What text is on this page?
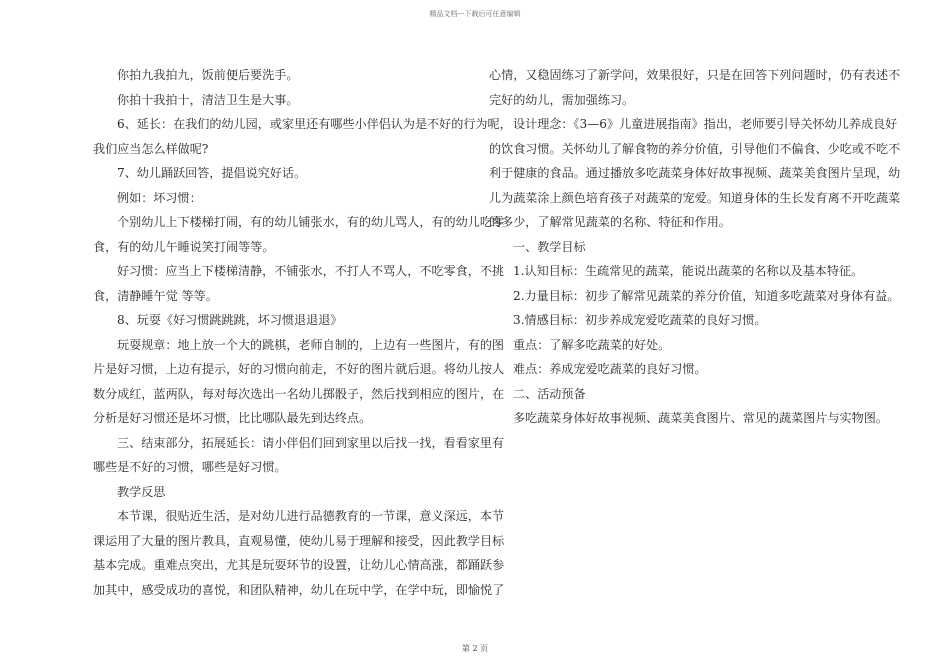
精品文档---下载后可任意编辑

你拍九我拍九，饭前便后要洗手。

你拍十我拍十，清洁卫生是大事。

6、延长：在我们的幼儿园，或家里还有哪些小伴侣认为是不好的行为呢，

我们应当怎么样做呢?

7、幼儿踊跃回答，提倡说究好话。

例如：坏习惯：

个别幼儿上下楼梯打闹，有的幼儿铺张水，有的幼儿骂人，有的幼儿吃零

食，有的幼儿午睡说笑打闹等等。

好习惯：应当上下楼梯清静，不铺张水，不打人不骂人，不吃零食，不挑

食，清静睡午觉 等等。

8、玩耍《好习惯跳跳跳，坏习惯退退退》

玩耍规章：地上放一个大的跳棋，老师自制的，上边有一些图片，有的图

片是好习惯，上边有提示，好的习惯向前走，不好的图片就后退。将幼儿按人

数分成红，蓝两队，每对每次选出一名幼儿掷骰子，然后找到相应的图片，在

分析是好习惯还是坏习惯，比比哪队最先到达终点。

三、结束部分，拓展延长：请小伴侣们回到家里以后找一找，看看家里有

哪些是不好的习惯，哪些是好习惯。

教学反思

本节课，很贴近生活，是对幼儿进行品德教育的一节课，意义深远，本节

课运用了大量的图片教具，直观易懂，使幼儿易于理解和接受，因此教学目标

基本完成。重难点突出，尤其是玩耍环节的设置，让幼儿心情高涨，都踊跃参

加其中，感受成功的喜悦，和团队精神，幼儿在玩中学，在学中玩，即愉悦了

心情，又稳固练习了新学问，效果很好，只是在回答下列问题时，仍有表述不

完好的幼儿，需加强练习。

设计理念：《3—6》儿童进展指南》指出，老师要引导关怀幼儿养成良好

的饮食习惯。关怀幼儿了解食物的养分价值，引导他们不偏食、少吃或不吃不

利于健康的食品。通过播放多吃蔬菜身体好故事视频、蔬菜美食图片呈现，幼

儿为蔬菜涂上颜色培育孩子对蔬菜的宠爱。知道身体的生长发育离不开吃蔬菜

的多少，了解常见蔬菜的名称、特征和作用。

一、教学目标

1.认知目标：生疏常见的蔬菜，能说出蔬菜的名称以及基本特征。

2.力量目标：初步了解常见蔬菜的养分价值，知道多吃蔬菜对身体有益。

3.情感目标：初步养成宠爱吃蔬菜的良好习惯。

重点：了解多吃蔬菜的好处。

难点：养成宠爱吃蔬菜的良好习惯。

二、活动预备

多吃蔬菜身体好故事视频、蔬菜美食图片、常见的蔬菜图片与实物图。

第 2 页
